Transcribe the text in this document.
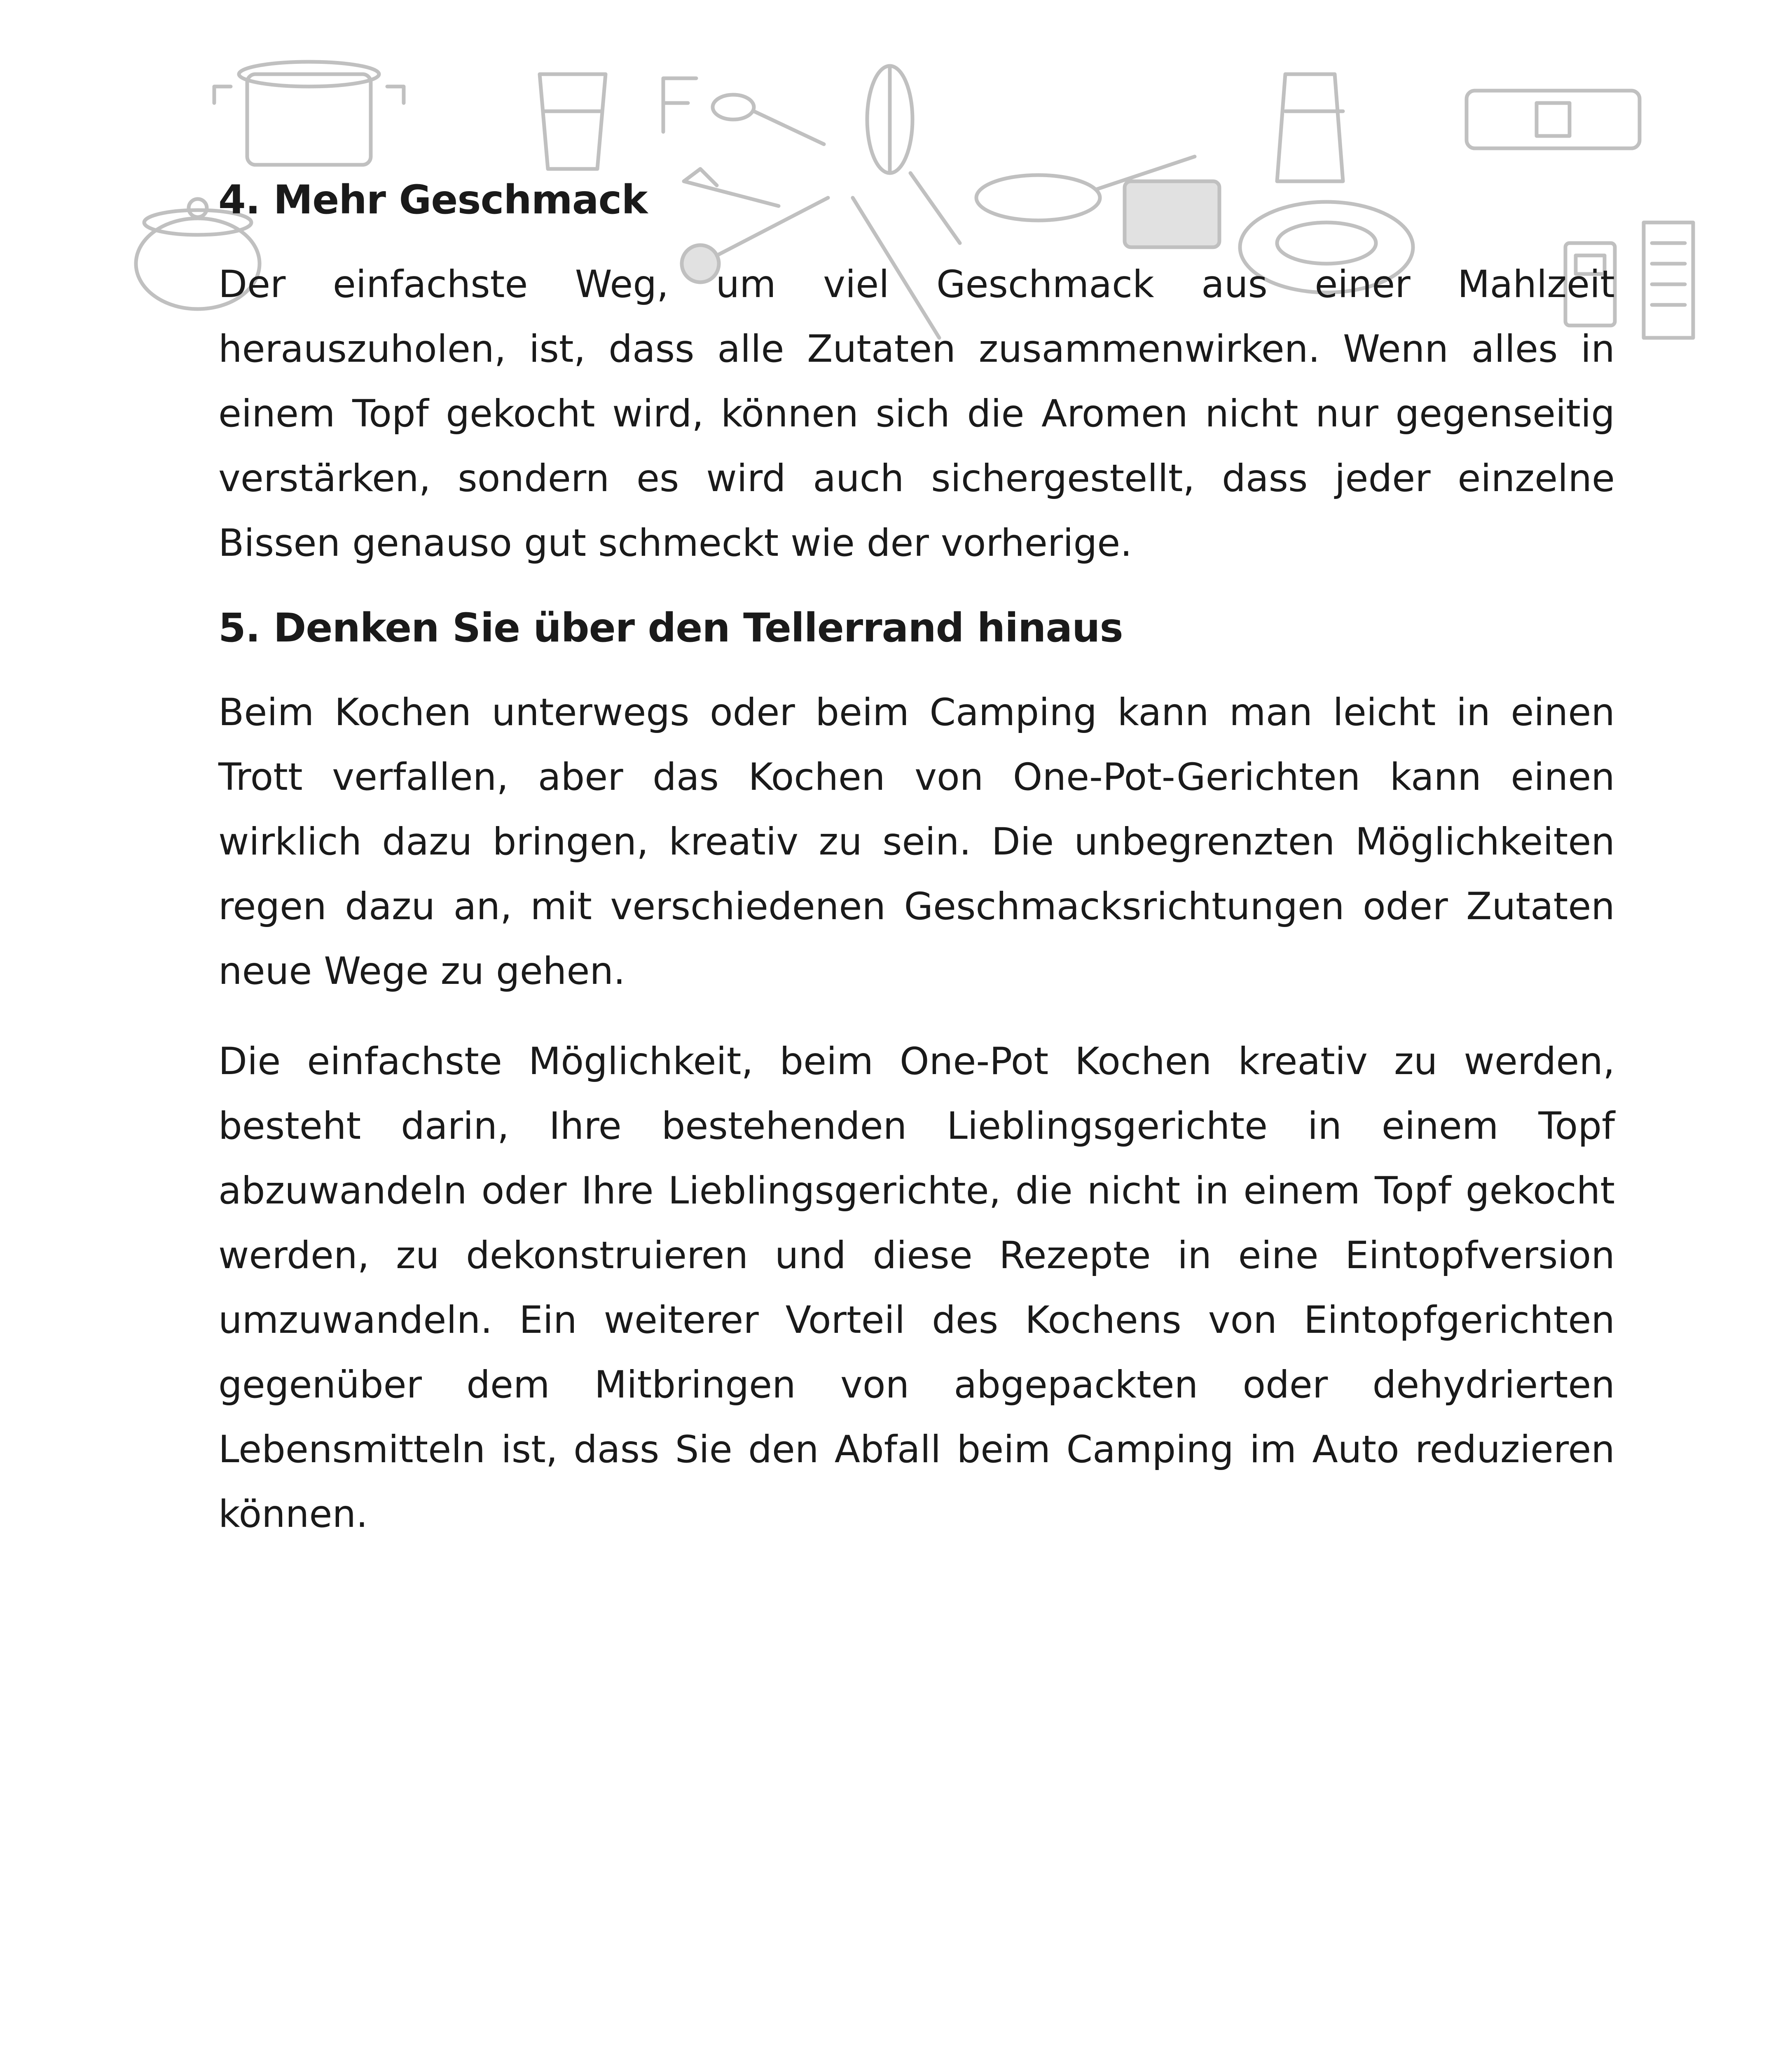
4. Mehr Geschmack

Der einfachste Weg, um viel Geschmack aus einer Mahlzeit herauszuholen, ist, dass alle Zutaten zusammenwirken. Wenn alles in einem Topf gekocht wird, können sich die Aromen nicht nur gegenseitig verstärken, sondern es wird auch sichergestellt, dass jeder einzelne Bissen genauso gut schmeckt wie der vorherige.

5. Denken Sie über den Tellerrand hinaus

Beim Kochen unterwegs oder beim Camping kann man leicht in einen Trott verfallen, aber das Kochen von One-Pot-Gerichten kann einen wirklich dazu bringen, kreativ zu sein. Die unbegrenzten Möglichkeiten regen dazu an, mit verschiedenen Geschmacksrichtungen oder Zutaten neue Wege zu gehen.

Die einfachste Möglichkeit, beim One-Pot Kochen kreativ zu werden, besteht darin, Ihre bestehenden Lieblingsgerichte in einem Topf abzuwandeln oder Ihre Lieblingsgerichte, die nicht in einem Topf gekocht werden, zu dekonstruieren und diese Rezepte in eine Eintopfversion umzuwandeln. Ein weiterer Vorteil des Kochens von Eintopfgerichten gegenüber dem Mitbringen von abgepackten oder dehydrierten Lebensmitteln ist, dass Sie den Abfall beim Camping im Auto reduzieren können.
